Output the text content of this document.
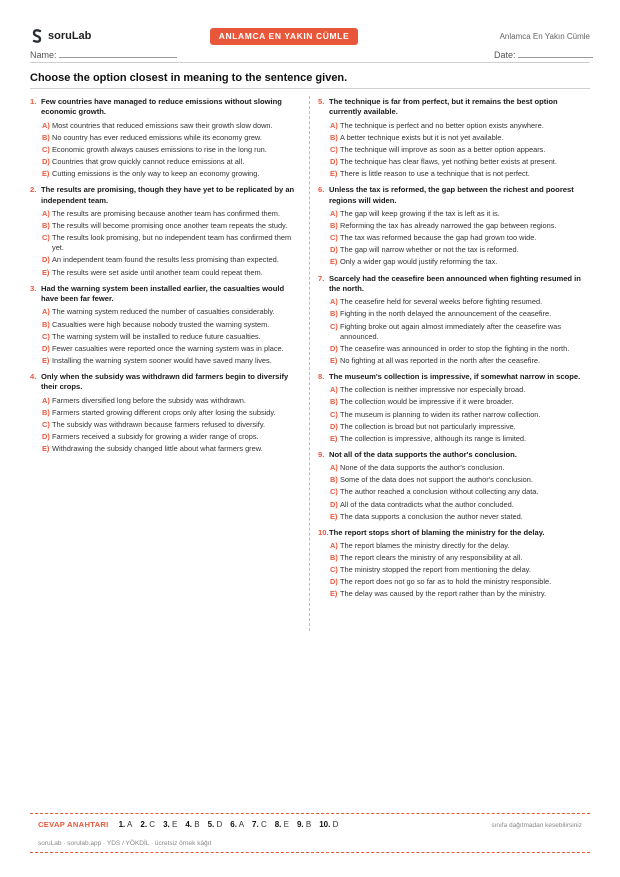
soruLab	ANLAMCA EN YAKIN CÜMLE	Anlamca En Yakın Cümle
Name:	Date:
Choose the option closest in meaning to the sentence given.
1. Few countries have managed to reduce emissions without slowing economic growth.
A) Most countries that reduced emissions saw their growth slow down.
B) No country has ever reduced emissions while its economy grew.
C) Economic growth always causes emissions to rise in the long run.
D) Countries that grow quickly cannot reduce emissions at all.
E) Cutting emissions is the only way to keep an economy growing.
2. The results are promising, though they have yet to be replicated by an independent team.
A) The results are promising because another team has confirmed them.
B) The results will become promising once another team repeats the study.
C) The results look promising, but no independent team has confirmed them yet.
D) An independent team found the results less promising than expected.
E) The results were set aside until another team could repeat them.
3. Had the warning system been installed earlier, the casualties would have been far fewer.
A) The warning system reduced the number of casualties considerably.
B) Casualties were high because nobody trusted the warning system.
C) The warning system will be installed to reduce future casualties.
D) Fewer casualties were reported once the warning system was in place.
E) Installing the warning system sooner would have saved many lives.
4. Only when the subsidy was withdrawn did farmers begin to diversify their crops.
A) Farmers diversified long before the subsidy was withdrawn.
B) Farmers started growing different crops only after losing the subsidy.
C) The subsidy was withdrawn because farmers refused to diversify.
D) Farmers received a subsidy for growing a wider range of crops.
E) Withdrawing the subsidy changed little about what farmers grew.
5. The technique is far from perfect, but it remains the best option currently available.
A) The technique is perfect and no better option exists anywhere.
B) A better technique exists but it is not yet available.
C) The technique will improve as soon as a better option appears.
D) The technique has clear flaws, yet nothing better exists at present.
E) There is little reason to use a technique that is not perfect.
6. Unless the tax is reformed, the gap between the richest and poorest regions will widen.
A) The gap will keep growing if the tax is left as it is.
B) Reforming the tax has already narrowed the gap between regions.
C) The tax was reformed because the gap had grown too wide.
D) The gap will narrow whether or not the tax is reformed.
E) Only a wider gap would justify reforming the tax.
7. Scarcely had the ceasefire been announced when fighting resumed in the north.
A) The ceasefire held for several weeks before fighting resumed.
B) Fighting in the north delayed the announcement of the ceasefire.
C) Fighting broke out again almost immediately after the ceasefire was announced.
D) The ceasefire was announced in order to stop the fighting in the north.
E) No fighting at all was reported in the north after the ceasefire.
8. The museum's collection is impressive, if somewhat narrow in scope.
A) The collection is neither impressive nor especially broad.
B) The collection would be impressive if it were broader.
C) The museum is planning to widen its rather narrow collection.
D) The collection is broad but not particularly impressive.
E) The collection is impressive, although its range is limited.
9. Not all of the data supports the author's conclusion.
A) None of the data supports the author's conclusion.
B) Some of the data does not support the author's conclusion.
C) The author reached a conclusion without collecting any data.
D) All of the data contradicts what the author concluded.
E) The data supports a conclusion the author never stated.
10. The report stops short of blaming the ministry for the delay.
A) The report blames the ministry directly for the delay.
B) The report clears the ministry of any responsibility at all.
C) The ministry stopped the report from mentioning the delay.
D) The report does not go so far as to hold the ministry responsible.
E) The delay was caused by the report rather than by the ministry.
CEVAP ANAHTARI 1. A 2. C 3. E 4. B 5. D 6. A 7. C 8. E 9. B 10. D	sınıfa dağıtmadan kesebilirsiniz
soruLab · sorulab.app · YDS / YÖKDİL · ücretsiz örnek kâğıt
